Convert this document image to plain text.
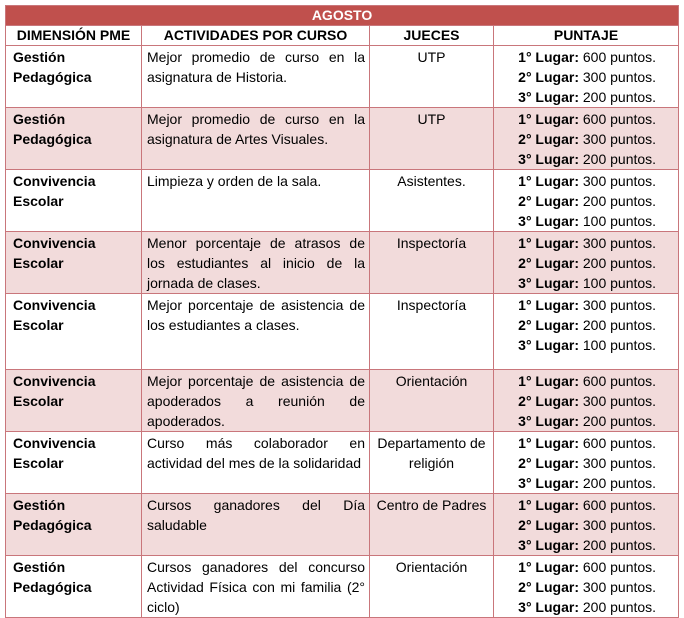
AGOSTO			
DIMENSIÓN PME	ACTIVIDADES POR CURSO	JUECES	PUNTAJE

Gestión
Pedagógica	Mejor promedio de curso en la asignatura de Historia.	UTP	1° Lugar: 600 puntos.
2° Lugar: 300 puntos.
3° Lugar: 200 puntos.

Gestión
Pedagógica	Mejor promedio de curso en la asignatura de Artes Visuales.	UTP	1° Lugar: 600 puntos.
2° Lugar: 300 puntos.
3° Lugar: 200 puntos.

Convivencia
Escolar	Limpieza y orden de la sala.	Asistentes.	1° Lugar: 300 puntos.
2° Lugar: 200 puntos.
3° Lugar: 100 puntos.

Convivencia
Escolar	Menor porcentaje de atrasos de los estudiantes al inicio de la jornada de clases.	Inspectoría	1° Lugar: 300 puntos.
2° Lugar: 200 puntos.
3° Lugar: 100 puntos.

Convivencia
Escolar	Mejor porcentaje de asistencia de los estudiantes a clases.	Inspectoría	1° Lugar: 300 puntos.
2° Lugar: 200 puntos.
3° Lugar: 100 puntos.

Convivencia
Escolar	Mejor porcentaje de asistencia de apoderados a reunión de apoderados.	Orientación	1° Lugar: 600 puntos.
2° Lugar: 300 puntos.
3° Lugar: 200 puntos.

Convivencia
Escolar	Curso más colaborador en actividad del mes de la solidaridad	Departamento de religión	1° Lugar: 600 puntos.
2° Lugar: 300 puntos.
3° Lugar: 200 puntos.

Gestión
Pedagógica	Cursos ganadores del Día saludable	Centro de Padres	1° Lugar: 600 puntos.
2° Lugar: 300 puntos.
3° Lugar: 200 puntos.

Gestión
Pedagógica	Cursos ganadores del concurso Actividad Física con mi familia (2° ciclo)	Orientación	1° Lugar: 600 puntos.
2° Lugar: 300 puntos.
3° Lugar: 200 puntos.
